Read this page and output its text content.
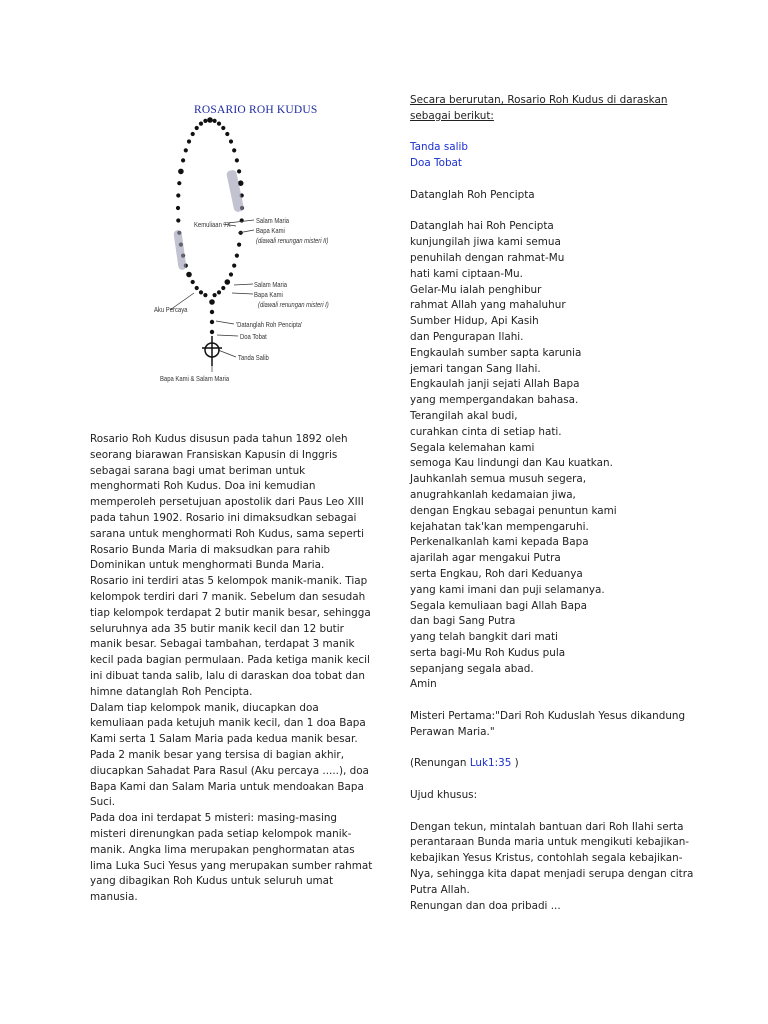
ROSARIO ROH KUDUS
Kemuliaan 7X	Salam Maria
Bapa Kami
(diawali renungan misteri II)
Salam Maria
Bapa Kami
(diawali renungan misteri I)
Aku Percaya
'Datanglah Roh Pencipta'
Doa Tobat
Tanda Salib
Bapa Kami & Salam Maria

Rosario Roh Kudus disusun pada tahun 1892 oleh

seorang biarawan Fransiskan Kapusin di Inggris

sebagai sarana bagi umat beriman untuk

menghormati Roh Kudus. Doa ini kemudian

memperoleh persetujuan apostolik dari Paus Leo XIII

pada tahun 1902. Rosario ini dimaksudkan sebagai

sarana untuk menghormati Roh Kudus, sama seperti

Rosario Bunda Maria di maksudkan para rahib

Dominikan untuk menghormati Bunda Maria.

Rosario ini terdiri atas 5 kelompok manik-manik. Tiap

kelompok terdiri dari 7 manik. Sebelum dan sesudah

tiap kelompok terdapat 2 butir manik besar, sehingga

seluruhnya ada 35 butir manik kecil dan 12 butir

manik besar. Sebagai tambahan, terdapat 3 manik

kecil pada bagian permulaan. Pada ketiga manik kecil

ini dibuat tanda salib, lalu di daraskan doa tobat dan

himne datanglah Roh Pencipta.

Dalam tiap kelompok manik, diucapkan doa

kemuliaan pada ketujuh manik kecil, dan 1 doa Bapa

Kami serta 1 Salam Maria pada kedua manik besar.

Pada 2 manik besar yang tersisa di bagian akhir,

diucapkan Sahadat Para Rasul (Aku percaya .....), doa

Bapa Kami dan Salam Maria untuk mendoakan Bapa

Suci.

Pada doa ini terdapat 5 misteri: masing-masing

misteri direnungkan pada setiap kelompok manik-

manik. Angka lima merupakan penghormatan atas

lima Luka Suci Yesus yang merupakan sumber rahmat

yang dibagikan Roh Kudus untuk seluruh umat

manusia.

Secara berurutan, Rosario Roh Kudus di daraskan

sebagai berikut:

Tanda salib

Doa Tobat

Datanglah Roh Pencipta

Datanglah hai Roh Pencipta

kunjungilah jiwa kami semua

penuhilah dengan rahmat-Mu

hati kami ciptaan-Mu.

Gelar-Mu ialah penghibur

rahmat Allah yang mahaluhur

Sumber Hidup, Api Kasih

dan Pengurapan Ilahi.

Engkaulah sumber sapta karunia

jemari tangan Sang Ilahi.

Engkaulah janji sejati Allah Bapa

yang mempergandakan bahasa.

Terangilah akal budi,

curahkan cinta di setiap hati.

Segala kelemahan kami

semoga Kau lindungi dan Kau kuatkan.

Jauhkanlah semua musuh segera,

anugrahkanlah kedamaian jiwa,

dengan Engkau sebagai penuntun kami

kejahatan tak'kan mempengaruhi.

Perkenalkanlah kami kepada Bapa

ajarilah agar mengakui Putra

serta Engkau, Roh dari Keduanya

yang kami imani dan puji selamanya.

Segala kemuliaan bagi Allah Bapa

dan bagi Sang Putra

yang telah bangkit dari mati

serta bagi-Mu Roh Kudus pula

sepanjang segala abad.

Amin

Misteri Pertama:"Dari Roh Kuduslah Yesus dikandung

Perawan Maria."

(Renungan Luk1:35 )

Ujud khusus:

Dengan tekun, mintalah bantuan dari Roh Ilahi serta

perantaraan Bunda maria untuk mengikuti kebajikan-

kebajikan Yesus Kristus, contohlah segala kebajikan-

Nya, sehingga kita dapat menjadi serupa dengan citra

Putra Allah.

Renungan dan doa pribadi ...
